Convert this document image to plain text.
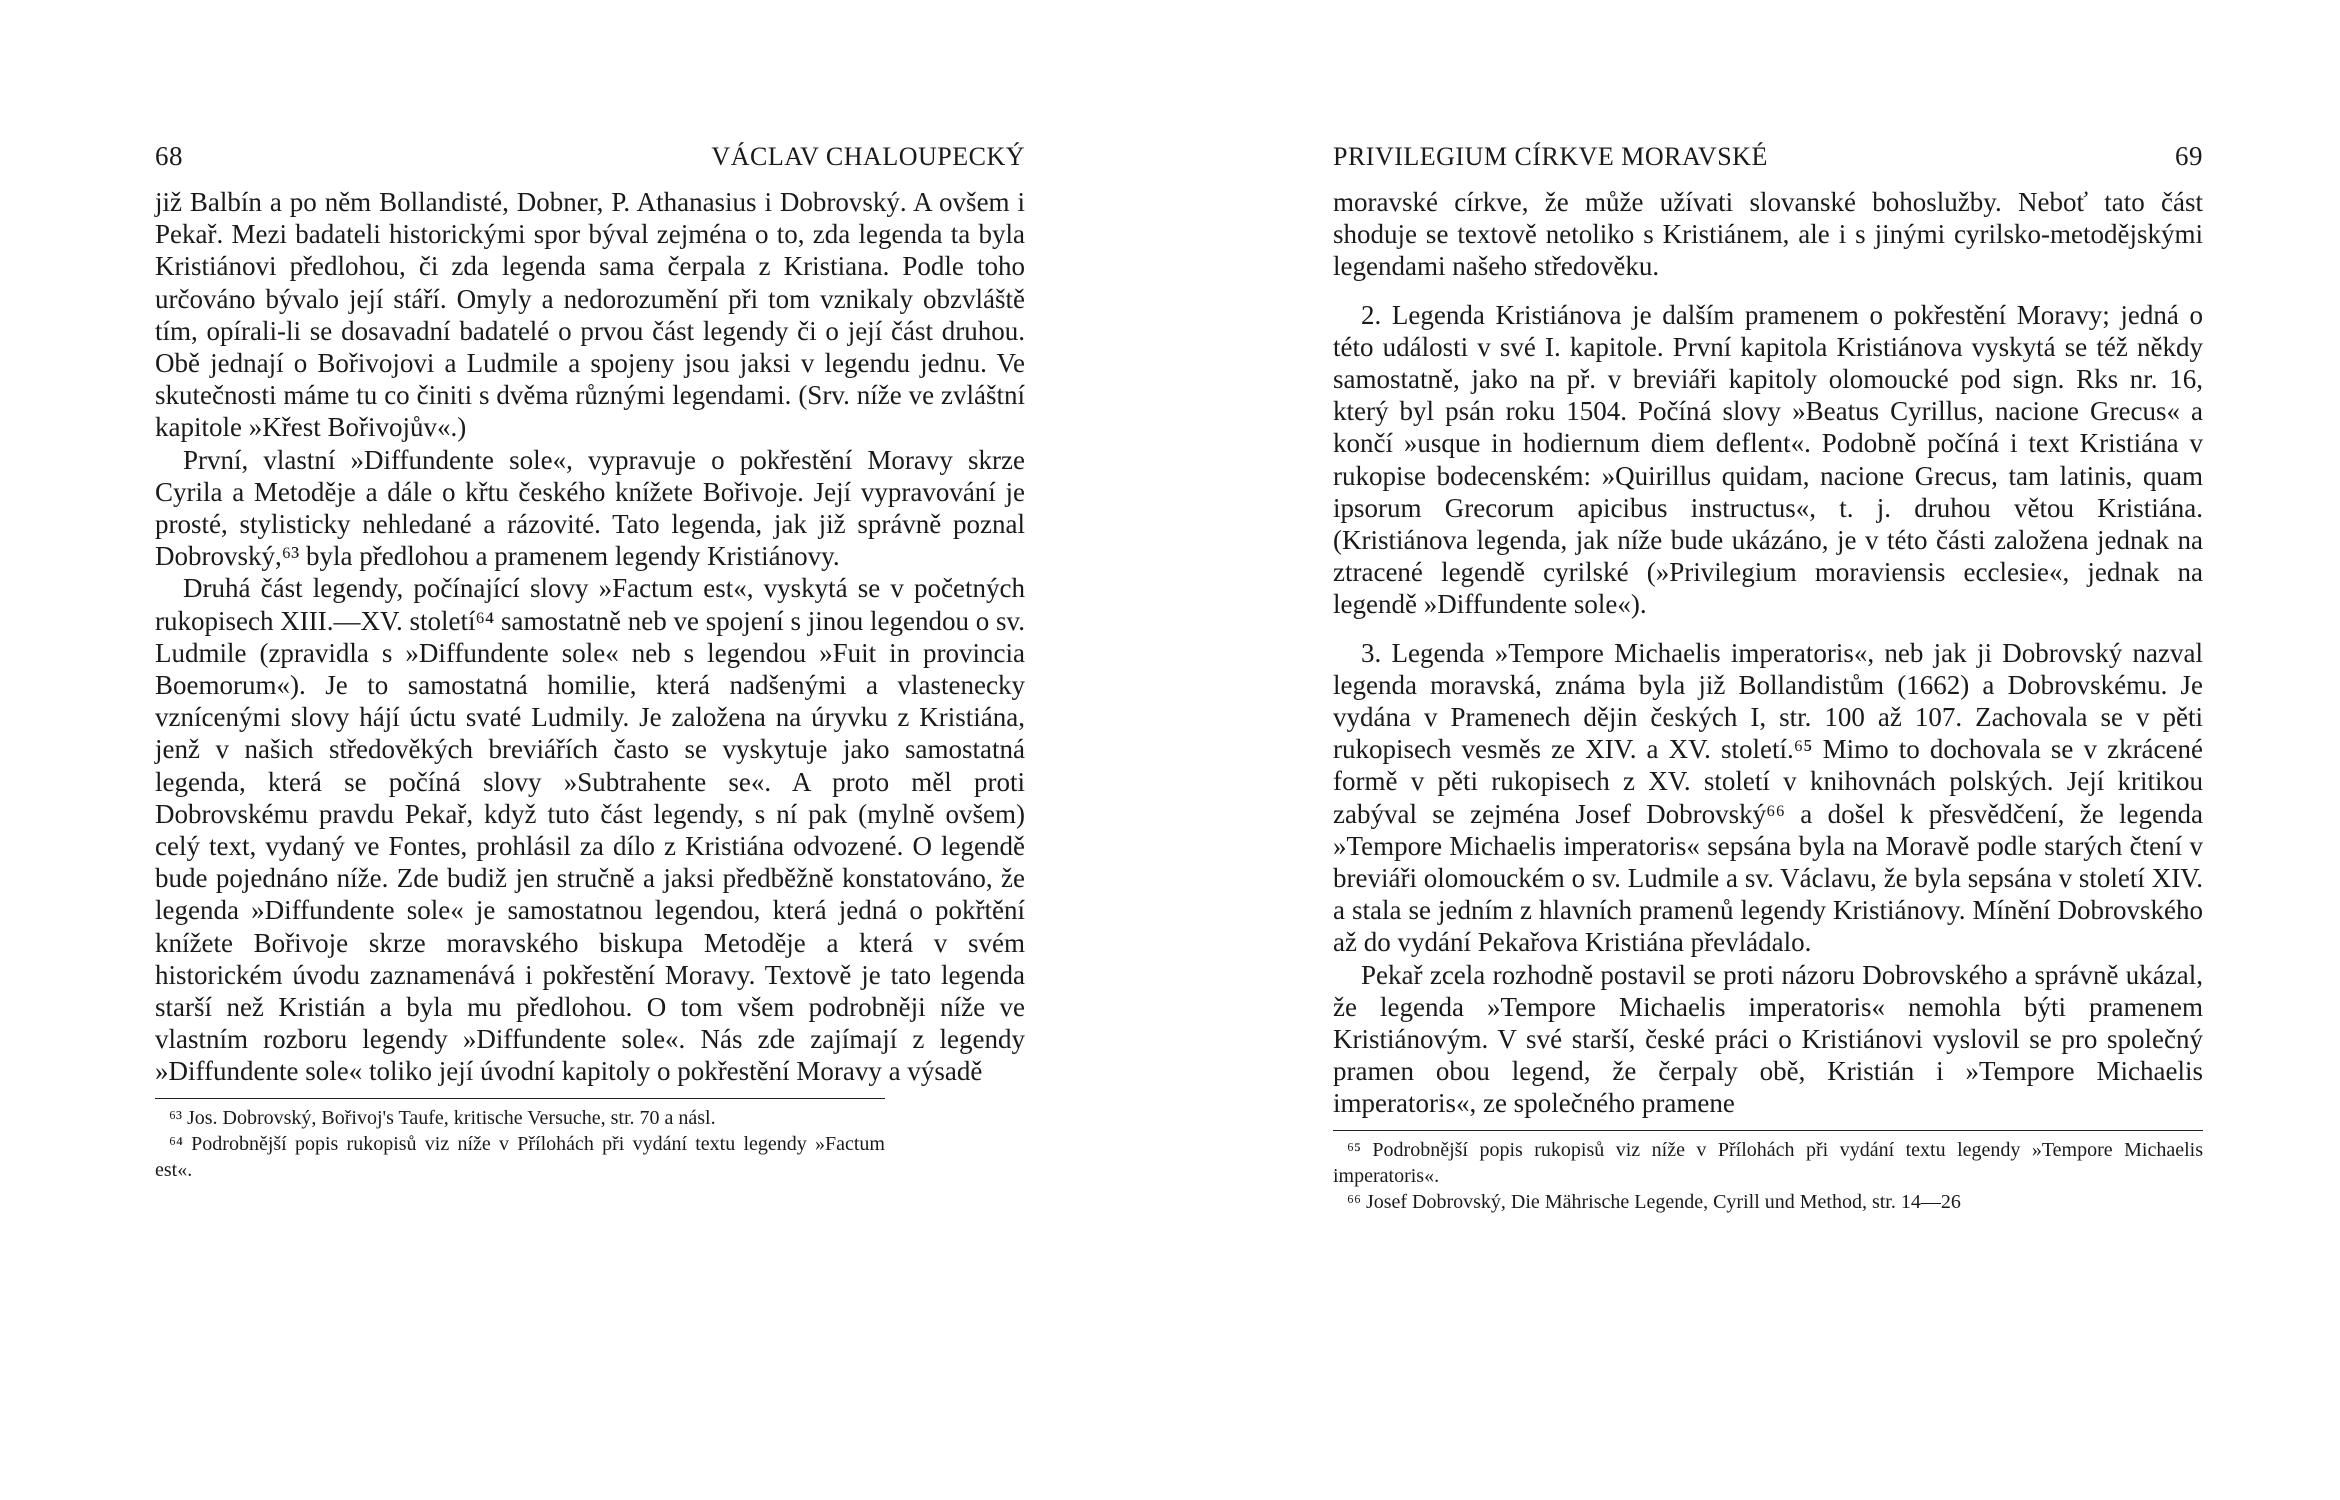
68	VÁCLAV CHALOUPECKÝ

již Balbín a po něm Bollandisté, Dobner, P. Athanasius i Dobrovský. A ovšem i Pekař. Mezi badateli historickými spor býval zejména o to, zda legenda ta byla Kristiánovi předlohou, či zda legenda sama čerpala z Kristiana. Podle toho určováno bývalo její stáří. Omyly a nedorozumění při tom vznikaly obzvláště tím, opírali-li se dosavadní badatelé o prvou část legendy či o její část druhou. Obě jednají o Bořivojovi a Ludmile a spojeny jsou jaksi v legendu jednu. Ve skutečnosti máme tu co činiti s dvěma různými legendami. (Srv. níže ve zvláštní kapitole »Křest Bořivojův«.)

První, vlastní »Diffundente sole«, vypravuje o pokřestění Moravy skrze Cyrila a Metoděje a dále o křtu českého knížete Bořivoje. Její vypravování je prosté, stylisticky nehledané a rázovité. Tato legenda, jak již správně poznal Dobrovský,⁶³ byla předlohou a pramenem legendy Kristiánovy.

Druhá část legendy, počínající slovy »Factum est«, vyskytá se v početných rukopisech XIII.—XV. století⁶⁴ samostatně neb ve spojení s jinou legendou o sv. Ludmile (zpravidla s »Diffundente sole« neb s legendou »Fuit in provincia Boemorum«). Je to samostatná homilie, která nadšenými a vlastenecky vznícenými slovy hájí úctu svaté Ludmily. Je založena na úryvku z Kristiána, jenž v našich středověkých breviářích často se vyskytuje jako samostatná legenda, která se počíná slovy »Subtrahente se«. A proto měl proti Dobrovskému pravdu Pekař, když tuto část legendy, s ní pak (mylně ovšem) celý text, vydaný ve Fontes, prohlásil za dílo z Kristiána odvozené. O legendě bude pojednáno níže. Zde budiž jen stručně a jaksi předběžně konstatováno, že legenda »Diffundente sole« je samostatnou legendou, která jedná o pokřtění knížete Bořivoje skrze moravského biskupa Metoděje a která v svém historickém úvodu zaznamenává i pokřestění Moravy. Textově je tato legenda starší než Kristián a byla mu předlohou. O tom všem podrobněji níže ve vlastním rozboru legendy »Diffundente sole«. Nás zde zajímají z legendy »Diffundente sole« toliko její úvodní kapitoly o pokřestění Moravy a výsadě

⁶³ Jos. Dobrovský, Bořivoj's Taufe, kritische Versuche, str. 70 a násl.

⁶⁴ Podrobnější popis rukopisů viz níže v Přílohách při vydání textu legendy »Factum est«.

PRIVILEGIUM CÍRKVE MORAVSKÉ	69

moravské církve, že může užívati slovanské bohoslužby. Neboť tato část shoduje se textově netoliko s Kristiánem, ale i s jinými cyrilsko-metodějskými legendami našeho středověku.

2. Legenda Kristiánova je dalším pramenem o pokřestění Moravy; jedná o této události v své I. kapitole. První kapitola Kristiánova vyskytá se též někdy samostatně, jako na př. v breviáři kapitoly olomoucké pod sign. Rks nr. 16, který byl psán roku 1504. Počíná slovy »Beatus Cyrillus, nacione Grecus« a končí »usque in hodiernum diem deflent«. Podobně počíná i text Kristiána v rukopise bodecenském: »Quirillus quidam, nacione Grecus, tam latinis, quam ipsorum Grecorum apicibus instructus«, t. j. druhou větou Kristiána. (Kristiánova legenda, jak níže bude ukázáno, je v této části založena jednak na ztracené legendě cyrilské (»Privilegium moraviensis ecclesie«, jednak na legendě »Diffundente sole«).

3. Legenda »Tempore Michaelis imperatoris«, neb jak ji Dobrovský nazval legenda moravská, známa byla již Bollandistům (1662) a Dobrovskému. Je vydána v Pramenech dějin českých I, str. 100 až 107. Zachovala se v pěti rukopisech vesměs ze XIV. a XV. století.⁶⁵ Mimo to dochovala se v zkrácené formě v pěti rukopisech z XV. století v knihovnách polských. Její kritikou zabýval se zejména Josef Dobrovský⁶⁶ a došel k přesvědčení, že legenda »Tempore Michaelis imperatoris« sepsána byla na Moravě podle starých čtení v breviáři olomouckém o sv. Ludmile a sv. Václavu, že byla sepsána v století XIV. a stala se jedním z hlavních pramenů legendy Kristiánovy. Mínění Dobrovského až do vydání Pekařova Kristiána převládalo.

Pekař zcela rozhodně postavil se proti názoru Dobrovského a správně ukázal, že legenda »Tempore Michaelis imperatoris« nemohla býti pramenem Kristiánovým. V své starší, české práci o Kristiánovi vyslovil se pro společný pramen obou legend, že čerpaly obě, Kristián i »Tempore Michaelis imperatoris«, ze společného pramene

⁶⁵ Podrobnější popis rukopisů viz níže v Přílohách při vydání textu legendy »Tempore Michaelis imperatoris«.

⁶⁶ Josef Dobrovský, Die Mährische Legende, Cyrill und Method, str. 14—26
